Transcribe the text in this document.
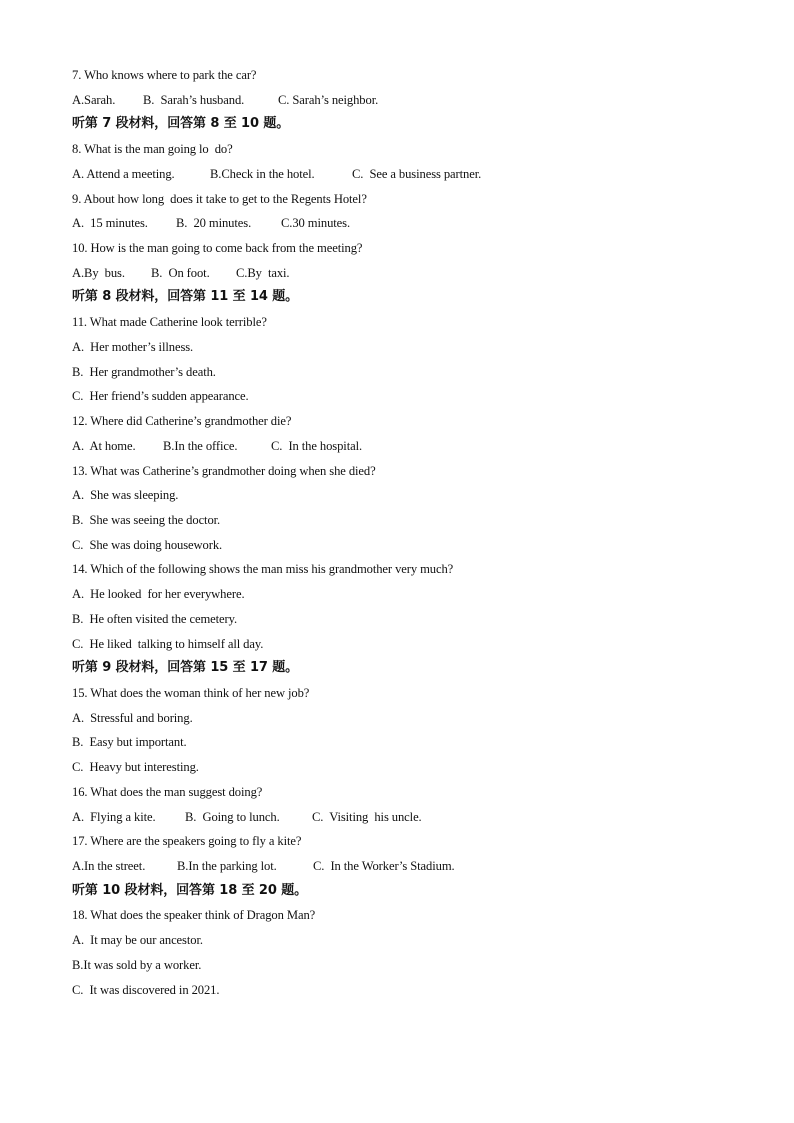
7. Who knows where to park the car?
A.Sarah. B.  Sarah’s husband.	C. Sarah’s neighbor.
听第 7 段材料，回答第 8 至 10 题。
8. What is the man going lo  do?
A. Attend a meeting.	B.Check in the hotel.	C.  See a business partner.
9. About how long  does it take to get to the Regents Hotel?
A.  15 minutes. B.  20 minutes. C.30 minutes.
10. How is the man going to come back from the meeting?
A.By  bus. B.  On foot. C.By  taxi.
听第 8 段材料，回答第 11 至 14 题。
11. What made Catherine look terrible?
A.  Her mother’s illness.
B.  Her grandmother’s death.
C.  Her friend’s sudden appearance.
12. Where did Catherine’s grandmother die?
A.  At home. B.In the office.	C.  In the hospital.
13. What was Catherine’s grandmother doing when she died?
A.  She was sleeping.
B.  She was seeing the doctor.
C.  She was doing housework.
14. Which of the following shows the man miss his grandmother very much?
A.  He looked  for her everywhere.
B.  He often visited the cemetery.
C.  He liked  talking to himself all day.
听第 9 段材料，回答第 15 至 17 题。
15. What does the woman think of her new job?
A.  Stressful and boring.
B.  Easy but important.
C.  Heavy but interesting.
16. What does the man suggest doing?
A.  Flying a kite. B.  Going to lunch.	C.  Visiting  his uncle.
17. Where are the speakers going to fly a kite?
A.In the street.	B.In the parking lot.	C.  In the Worker’s Stadium.
听第 10 段材料，回答第 18 至 20 题。
18. What does the speaker think of Dragon Man?
A.  It may be our ancestor.
B.It was sold by a worker.
C.  It was discovered in 2021.
